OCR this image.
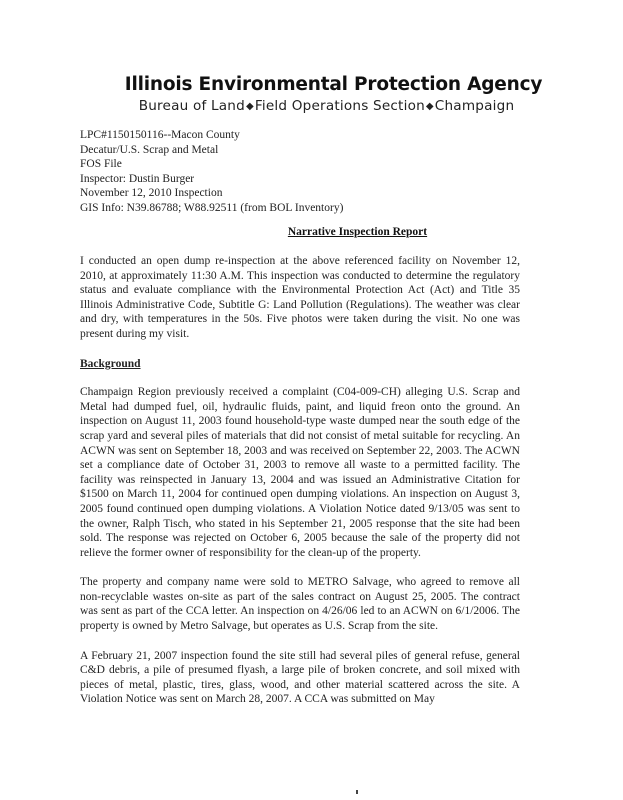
Illinois Environmental Protection Agency
Bureau of Land◆Field Operations Section◆Champaign
LPC#1150150116--Macon County
Decatur/U.S. Scrap and Metal
FOS File
Inspector: Dustin Burger
November 12, 2010 Inspection
GIS Info: N39.86788; W88.92511 (from BOL Inventory)
Narrative Inspection Report

I conducted an open dump re-inspection at the above referenced facility on November 12, 2010, at approximately 11:30 A.M. This inspection was conducted to determine the regulatory status and evaluate compliance with the Environmental Protection Act (Act) and Title 35 Illinois Administrative Code, Subtitle G: Land Pollution (Regulations). The weather was clear and dry, with temperatures in the 50s. Five photos were taken during the visit. No one was present during my visit.

Background

Champaign Region previously received a complaint (C04-009-CH) alleging U.S. Scrap and Metal had dumped fuel, oil, hydraulic fluids, paint, and liquid freon onto the ground. An inspection on August 11, 2003 found household-type waste dumped near the south edge of the scrap yard and several piles of materials that did not consist of metal suitable for recycling. An ACWN was sent on September 18, 2003 and was received on September 22, 2003. The ACWN set a compliance date of October 31, 2003 to remove all waste to a permitted facility. The facility was reinspected in January 13, 2004 and was issued an Administrative Citation for $1500 on March 11, 2004 for continued open dumping violations. An inspection on August 3, 2005 found continued open dumping violations. A Violation Notice dated 9/13/05 was sent to the owner, Ralph Tisch, who stated in his September 21, 2005 response that the site had been sold. The response was rejected on October 6, 2005 because the sale of the property did not relieve the former owner of responsibility for the clean-up of the property.

The property and company name were sold to METRO Salvage, who agreed to remove all non-recyclable wastes on-site as part of the sales contract on August 25, 2005. The contract was sent as part of the CCA letter. An inspection on 4/26/06 led to an ACWN on 6/1/2006. The property is owned by Metro Salvage, but operates as U.S. Scrap from the site.

A February 21, 2007 inspection found the site still had several piles of general refuse, general C&D debris, a pile of presumed flyash, a large pile of broken concrete, and soil mixed with pieces of metal, plastic, tires, glass, wood, and other material scattered across the site. A Violation Notice was sent on March 28, 2007. A CCA was submitted on May
